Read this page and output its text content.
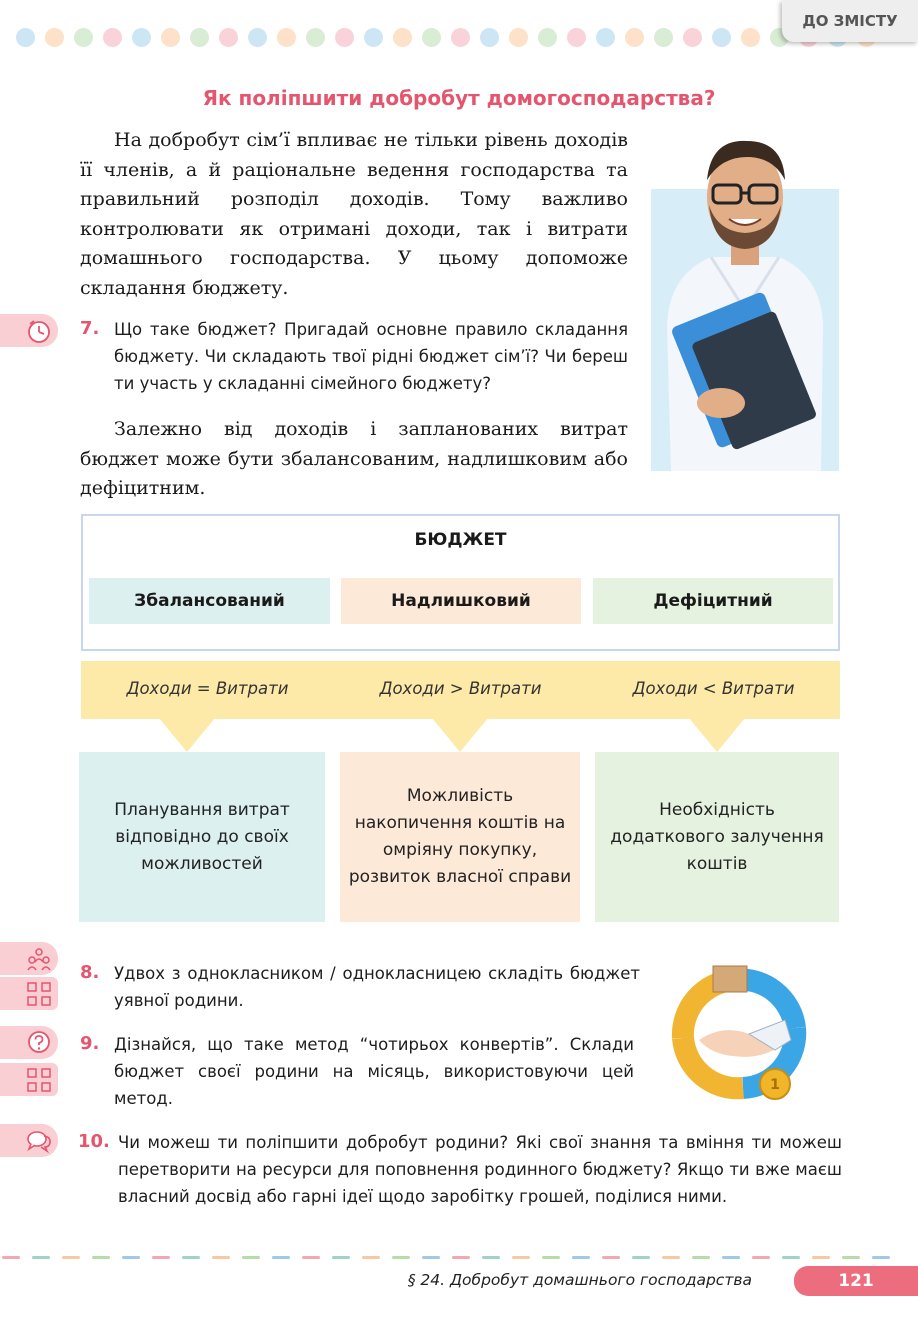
ДО ЗМІСТУ
Як поліпшити добробут домогосподарства?

На добробут сім’ї впливає не тільки рівень доходів її членів, а й раціональне ведення господарства та правильний розподіл доходів. Тому важливо контролювати як отримані доходи, так і витрати домашнього господарства. У цьому допоможе складання бюджету.

7. Що таке бюджет? Пригадай основне правило складання бюджету. Чи складають твої рідні бюджет сім’ї? Чи береш ти участь у складанні сімейного бюджету?

Залежно від доходів і запланованих витрат бюджет може бути збалансованим, надлишковим або дефіцитним.

БЮДЖЕТ
Збалансований	Надлишковий	Дефіцитний
Доходи = Витрати	Доходи > Витрати	Доходи < Витрати
Планування витрат відповідно до своїх можливостей
Можливість накопичення коштів на омріяну покупку, розвиток власної справи
Необхідність додаткового залучення коштів
8. Удвох з однокласником / однокласницею складіть бюджет уявної родини.
9. Дізнайся, що таке метод “чотирьох конвертів”. Склади бюджет своєї родини на місяць, використовуючи цей метод.
1
10. Чи можеш ти поліпшити добробут родини? Які свої знання та вміння ти можеш перетворити на ресурси для поповнення родинного бюджету? Якщо ти вже маєш власний досвід або гарні ідеї щодо заробітку грошей, поділися ними.
§ 24. Добробут домашнього господарства	121
